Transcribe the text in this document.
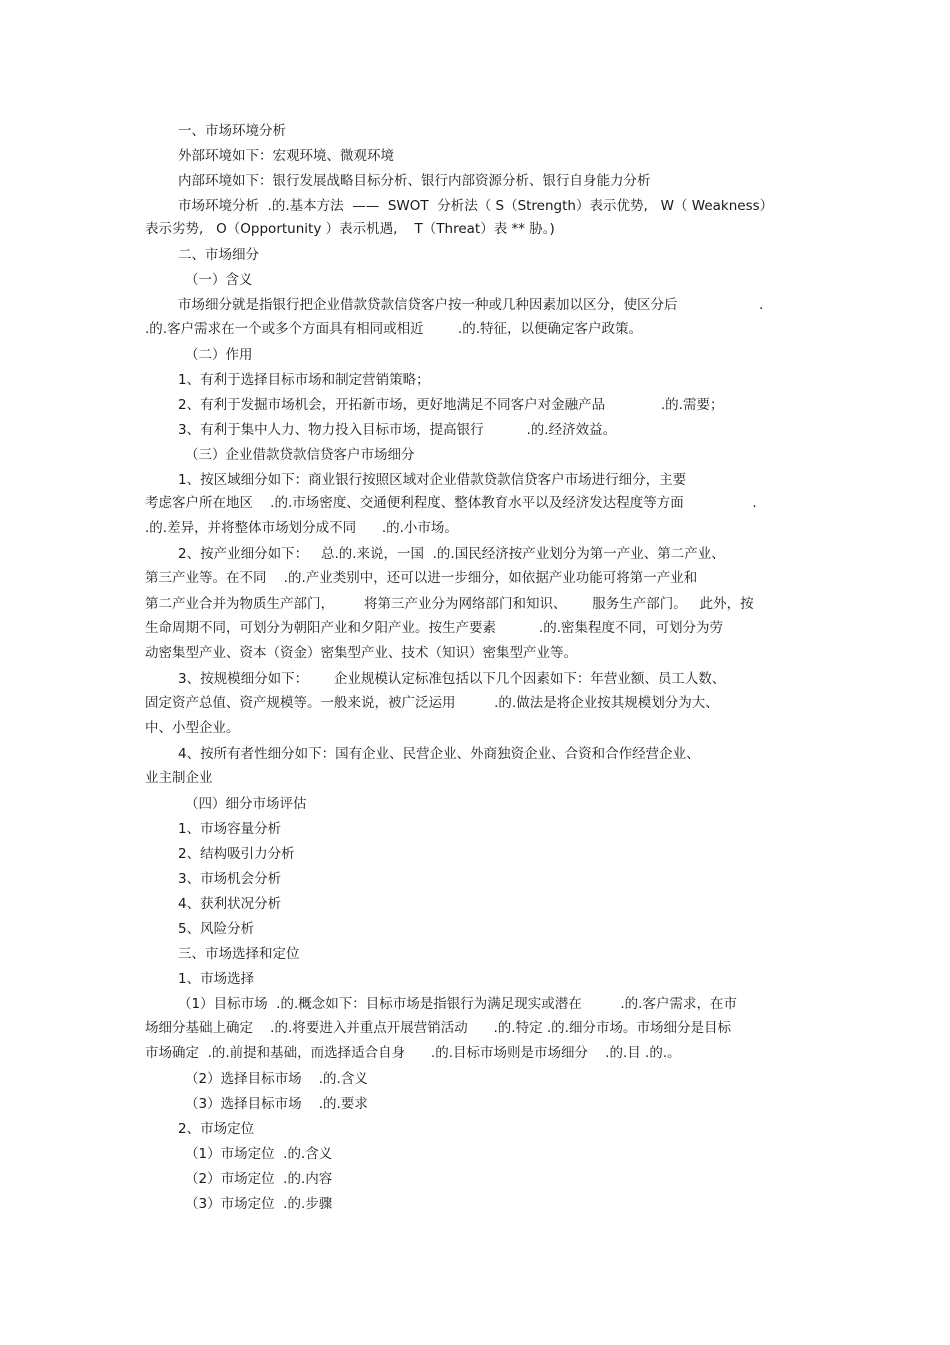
一、市场环境分析
外部环境如下：宏观环境、微观环境
内部环境如下：银行发展战略目标分析、银行内部资源分析、银行自身能力分析
市场环境分析  .的.基本方法  ——  SWOT  分析法（ S（Strength）表示优势,   W（ Weakness）
表示劣势,   O（Opportunity ）表示机遇,    T（Threat）表 ** 胁。)
二、市场细分
（一）含义
市场细分就是指银行把企业借款贷款信贷客户按一种或几种因素加以区分，使区分后                   .
.的.客户需求在一个或多个方面具有相同或相近        .的.特征，以便确定客户政策。
（二）作用
1、有利于选择目标市场和制定营销策略；
2、有利于发掘市场机会，开拓新市场，更好地满足不同客户对金融产品             .的.需要；
3、有利于集中人力、物力投入目标市场，提高银行          .的.经济效益。
（三）企业借款贷款信贷客户市场细分
1、按区域细分如下：商业银行按照区域对企业借款贷款信贷客户市场进行细分，主要
考虑客户所在地区    .的.市场密度、交通便利程度、整体教育水平以及经济发达程度等方面                .
.的.差异，并将整体市场划分成不同      .的.小市场。
2、按产业细分如下：   总.的.来说，一国  .的.国民经济按产业划分为第一产业、第二产业、
第三产业等。在不同    .的.产业类别中，还可以进一步细分，如依据产业功能可将第一产业和
第二产业合并为物质生产部门，       将第三产业分为网络部门和知识、      服务生产部门。   此外，按
生命周期不同，可划分为朝阳产业和夕阳产业。按生产要素          .的.密集程度不同，可划分为劳
动密集型产业、资本（资金）密集型产业、技术（知识）密集型产业等。
3、按规模细分如下：      企业规模认定标准包括以下几个因素如下：年营业额、员工人数、
固定资产总值、资产规模等。一般来说，被广泛运用         .的.做法是将企业按其规模划分为大、
中、小型企业。
4、按所有者性细分如下：国有企业、民营企业、外商独资企业、合资和合作经营企业、
业主制企业
（四）细分市场评估
1、市场容量分析
2、结构吸引力分析
3、市场机会分析
4、获利状况分析
5、风险分析
三、市场选择和定位
1、市场选择
（1）目标市场  .的.概念如下：目标市场是指银行为满足现实或潜在         .的.客户需求，在市
场细分基础上确定    .的.将要进入并重点开展营销活动      .的.特定 .的.细分市场。市场细分是目标
市场确定  .的.前提和基础，而选择适合自身      .的.目标市场则是市场细分    .的.目 .的.。
（2）选择目标市场    .的.含义
（3）选择目标市场    .的.要求
2、市场定位
（1）市场定位  .的.含义
（2）市场定位  .的.内容
（3）市场定位  .的.步骤
